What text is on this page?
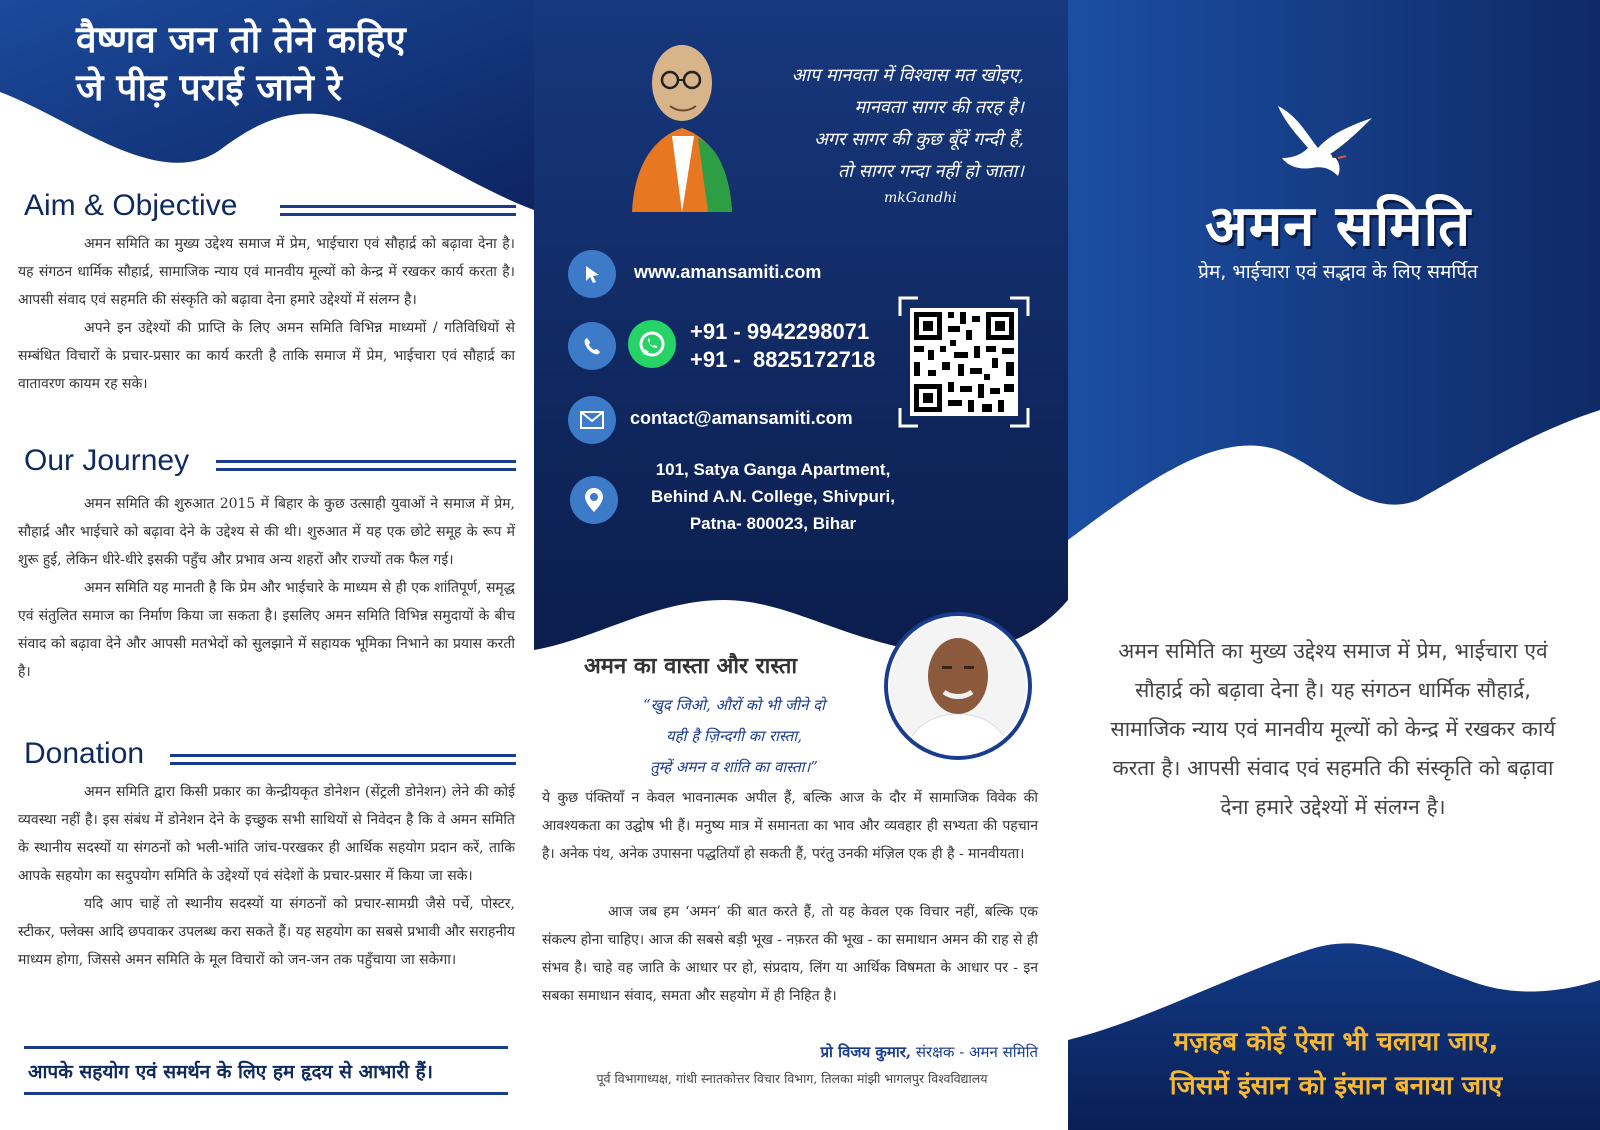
वैष्णव जन तो तेने कहिए
जे पीड़ पराई जाने रे
Aim & Objective

अमन समिति का मुख्य उद्देश्य समाज में प्रेम, भाईचारा एवं सौहार्द्र को बढ़ावा देना है। यह संगठन धार्मिक सौहार्द्र, सामाजिक न्याय एवं मानवीय मूल्यों को केन्द्र में रखकर कार्य करता है। आपसी संवाद एवं सहमति की संस्कृति को बढ़ावा देना हमारे उद्देश्यों में संलग्न है।
अपने इन उद्देश्यों की प्राप्ति के लिए अमन समिति विभिन्न माध्यमों / गतिविधियों से सम्बंधित विचारों के प्रचार-प्रसार का कार्य करती है ताकि समाज में प्रेम, भाईचारा एवं सौहार्द्र का वातावरण कायम रह सके।

Our Journey

अमन समिति की शुरुआत 2015 में बिहार के कुछ उत्साही युवाओं ने समाज में प्रेम, सौहार्द्र और भाईचारे को बढ़ावा देने के उद्देश्य से की थी। शुरुआत में यह एक छोटे समूह के रूप में शुरू हुई, लेकिन धीरे-धीरे इसकी पहुँच और प्रभाव अन्य शहरों और राज्यों तक फैल गई।
अमन समिति यह मानती है कि प्रेम और भाईचारे के माध्यम से ही एक शांतिपूर्ण, समृद्ध एवं संतुलित समाज का निर्माण किया जा सकता है। इसलिए अमन समिति विभिन्न समुदायों के बीच संवाद को बढ़ावा देने और आपसी मतभेदों को सुलझाने में सहायक भूमिका निभाने का प्रयास करती है।

Donation

अमन समिति द्वारा किसी प्रकार का केन्द्रीयकृत डोनेशन (सेंट्रली डोनेशन) लेने की कोई व्यवस्था नहीं है। इस संबंध में डोनेशन देने के इच्छुक सभी साथियों से निवेदन है कि वे अमन समिति के स्थानीय सदस्यों या संगठनों को भली-भांति जांच-परखकर ही आर्थिक सहयोग प्रदान करें, ताकि आपके सहयोग का सदुपयोग समिति के उद्देश्यों एवं संदेशों के प्रचार-प्रसार में किया जा सके।
यदि आप चाहें तो स्थानीय सदस्यों या संगठनों को प्रचार-सामग्री जैसे पर्चे, पोस्टर, स्टीकर, फ्लेक्स आदि छपवाकर उपलब्ध करा सकते हैं। यह सहयोग का सबसे प्रभावी और सराहनीय माध्यम होगा, जिससे अमन समिति के मूल विचारों को जन-जन तक पहुँचाया जा सकेगा।

आपके सहयोग एवं समर्थन के लिए हम हृदय से आभारी हैं।

आप मानवता में विश्वास मत खोइए,
मानवता सागर की तरह है।
अगर सागर की कुछ बूँदें गन्दी हैं,
तो सागर गन्दा नहीं हो जाता।

mkGandhi
www.amansamiti.com
+91 - 9942298071
+91 -  8825172718
contact@amansamiti.com
101, Satya Ganga Apartment,
Behind A.N. College, Shivpuri,
Patna- 800023, Bihar
अमन का वास्ता और रास्ता

“खुद जिओ, औरों को भी जीने दो
यही है ज़िन्दगी का रास्ता,
तुम्हें अमन व शांति का वास्ता।”

ये कुछ पंक्तियाँ न केवल भावनात्मक अपील हैं, बल्कि आज के दौर में सामाजिक विवेक की आवश्यकता का उद्घोष भी हैं। मनुष्य मात्र में समानता का भाव और व्यवहार ही सभ्यता की पहचान है। अनेक पंथ, अनेक उपासना पद्धतियाँ हो सकती हैं, परंतु उनकी मंज़िल एक ही है - मानवीयता।

आज जब हम ‘अमन’ की बात करते हैं, तो यह केवल एक विचार नहीं, बल्कि एक संकल्प होना चाहिए। आज की सबसे बड़ी भूख - नफ़रत की भूख - का समाधान अमन की राह से ही संभव है। चाहे वह जाति के आधार पर हो, संप्रदाय, लिंग या आर्थिक विषमता के आधार पर - इन सबका समाधान संवाद, समता और सहयोग में ही निहित है।

प्रो विजय कुमार, संरक्षक - अमन समिति

पूर्व विभागाध्यक्ष, गांधी स्नातकोत्तर विचार विभाग, तिलका मांझी भागलपुर विश्वविद्यालय

अमन समिति

प्रेम, भाईचारा एवं सद्भाव के लिए समर्पित

अमन समिति का मुख्य उद्देश्य समाज में प्रेम, भाईचारा एवं सौहार्द्र को बढ़ावा देना है। यह संगठन धार्मिक सौहार्द्र, सामाजिक न्याय एवं मानवीय मूल्यों को केन्द्र में रखकर कार्य करता है। आपसी संवाद एवं सहमति की संस्कृति को बढ़ावा देना हमारे उद्देश्यों में संलग्न है।

मज़हब कोई ऐसा भी चलाया जाए,
जिसमें इंसान को इंसान बनाया जाए
